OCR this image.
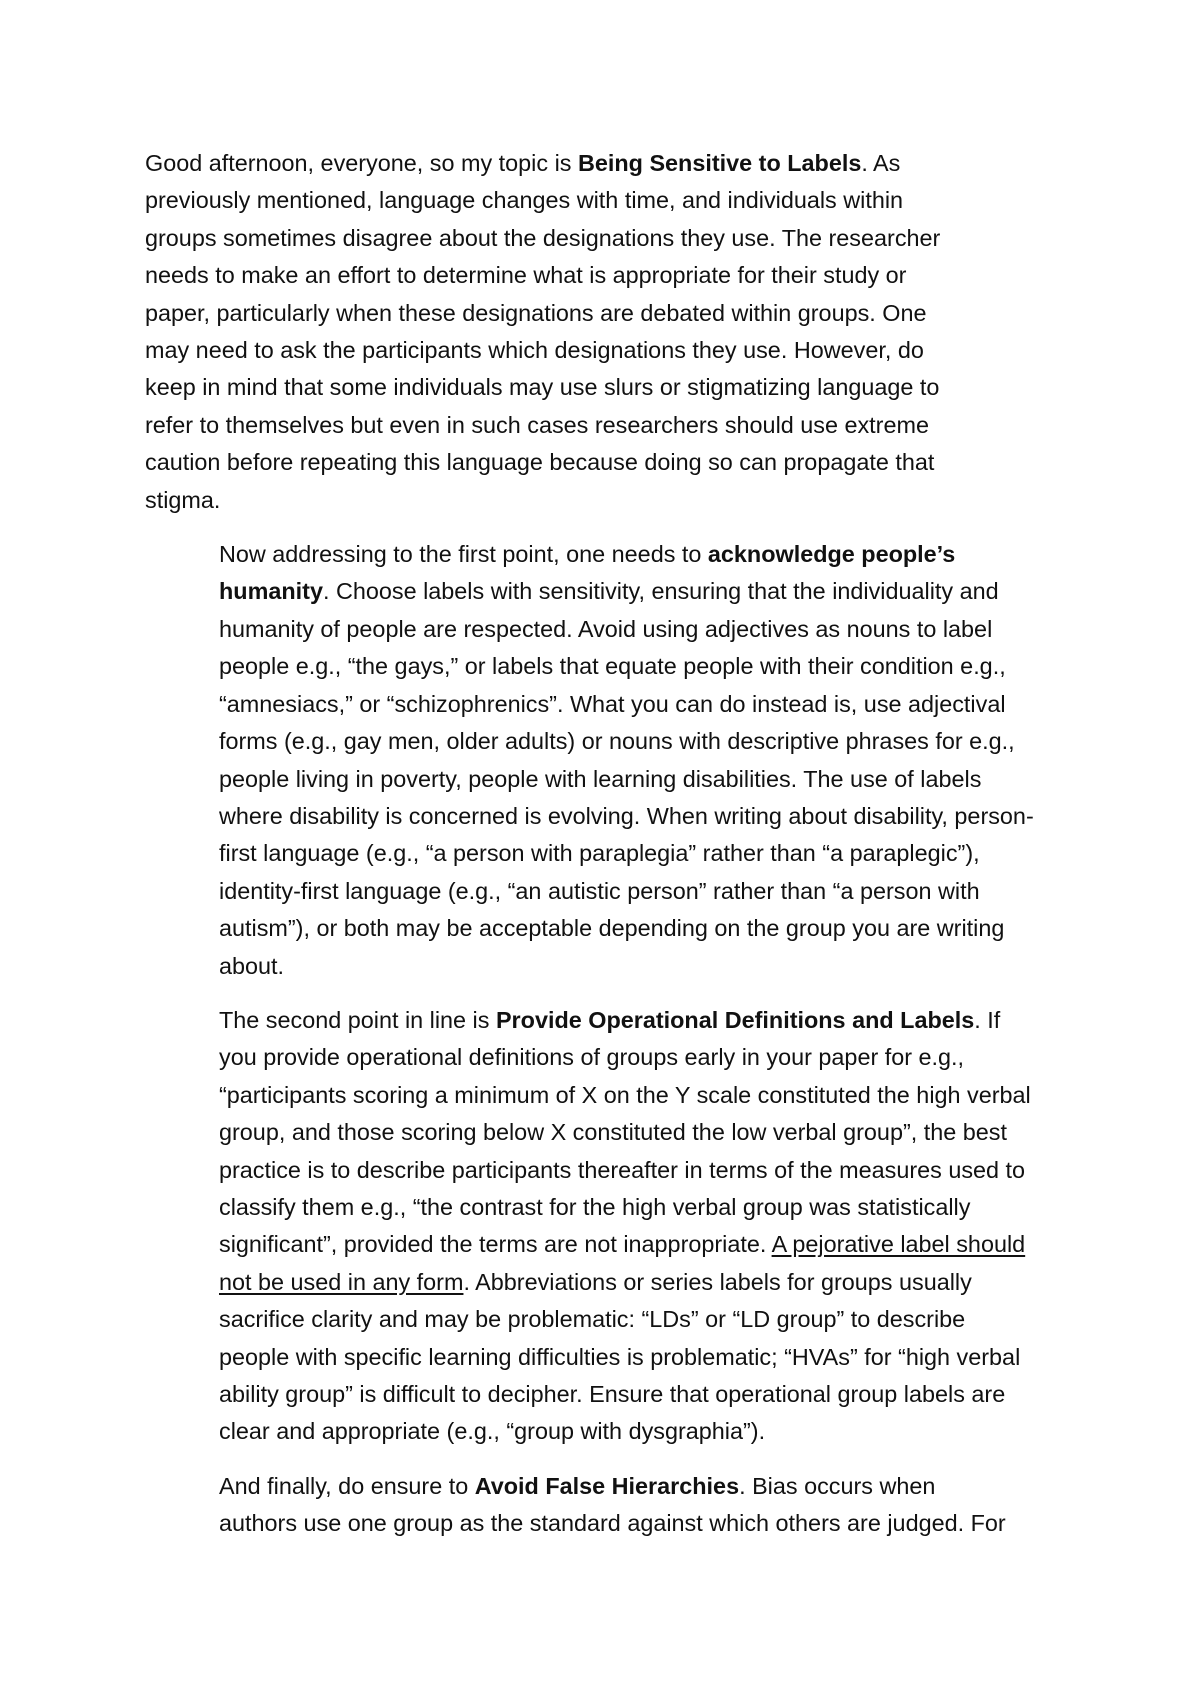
Good afternoon, everyone, so my topic is Being Sensitive to Labels. As
previously mentioned, language changes with time, and individuals within
groups sometimes disagree about the designations they use. The researcher
needs to make an effort to determine what is appropriate for their study or
paper, particularly when these designations are debated within groups. One
may need to ask the participants which designations they use. However, do
keep in mind that some individuals may use slurs or stigmatizing language to
refer to themselves but even in such cases researchers should use extreme
caution before repeating this language because doing so can propagate that
stigma.

Now addressing to the first point, one needs to acknowledge people’s
humanity. Choose labels with sensitivity, ensuring that the individuality and
humanity of people are respected. Avoid using adjectives as nouns to label
people e.g., “the gays,” or labels that equate people with their condition e.g.,
“amnesiacs,” or “schizophrenics”. What you can do instead is, use adjectival
forms (e.g., gay men, older adults) or nouns with descriptive phrases for e.g.,
people living in poverty, people with learning disabilities. The use of labels
where disability is concerned is evolving. When writing about disability, person-
first language (e.g., “a person with paraplegia” rather than “a paraplegic”),
identity-first language (e.g., “an autistic person” rather than “a person with
autism”), or both may be acceptable depending on the group you are writing
about.

The second point in line is Provide Operational Definitions and Labels. If
you provide operational definitions of groups early in your paper for e.g.,
“participants scoring a minimum of X on the Y scale constituted the high verbal
group, and those scoring below X constituted the low verbal group”, the best
practice is to describe participants thereafter in terms of the measures used to
classify them e.g., “the contrast for the high verbal group was statistically
significant”, provided the terms are not inappropriate. A pejorative label should
not be used in any form. Abbreviations or series labels for groups usually
sacrifice clarity and may be problematic: “LDs” or “LD group” to describe
people with specific learning difficulties is problematic; “HVAs” for “high verbal
ability group” is difficult to decipher. Ensure that operational group labels are
clear and appropriate (e.g., “group with dysgraphia”).

And finally, do ensure to Avoid False Hierarchies. Bias occurs when
authors use one group as the standard against which others are judged. For
